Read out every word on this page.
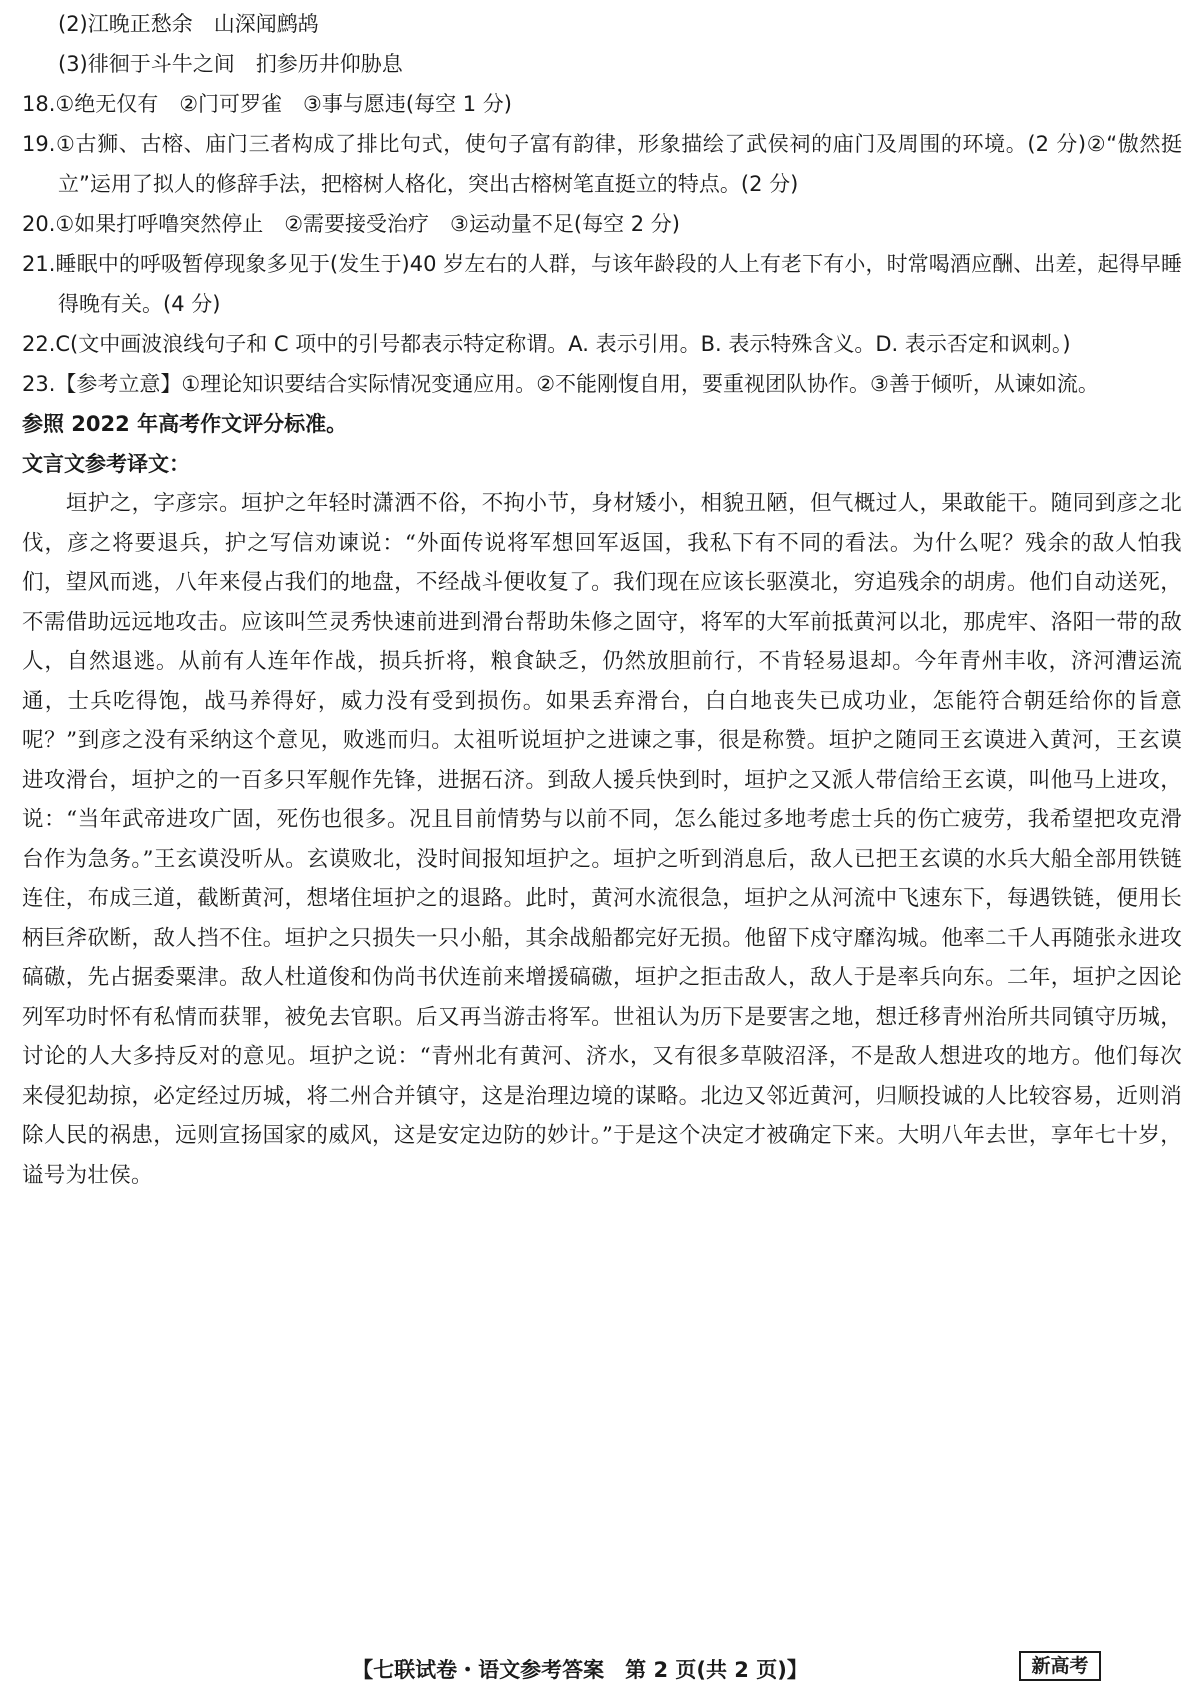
(2)江晚正愁余　山深闻鹧鸪

(3)徘徊于斗牛之间　扪参历井仰胁息

18.①绝无仅有　②门可罗雀　③事与愿违(每空 1 分)

19.①古狮、古榕、庙门三者构成了排比句式，使句子富有韵律，形象描绘了武侯祠的庙门及周围的环境。(2 分)②“傲然挺立”运用了拟人的修辞手法，把榕树人格化，突出古榕树笔直挺立的特点。(2 分)

20.①如果打呼噜突然停止　②需要接受治疗　③运动量不足(每空 2 分)

21.睡眠中的呼吸暂停现象多见于(发生于)40 岁左右的人群，与该年龄段的人上有老下有小，时常喝酒应酬、出差，起得早睡得晚有关。(4 分)

22.C(文中画波浪线句子和 C 项中的引号都表示特定称谓。A. 表示引用。B. 表示特殊含义。D. 表示否定和讽刺。)

23.【参考立意】①理论知识要结合实际情况变通应用。②不能刚愎自用，要重视团队协作。③善于倾听，从谏如流。

参照 2022 年高考作文评分标准。

文言文参考译文：

垣护之，字彦宗。垣护之年轻时潇洒不俗，不拘小节，身材矮小，相貌丑陋，但气概过人，果敢能干。随同到彦之北伐，彦之将要退兵，护之写信劝谏说：“外面传说将军想回军返国，我私下有不同的看法。为什么呢？残余的敌人怕我们，望风而逃，八年来侵占我们的地盘，不经战斗便收复了。我们现在应该长驱漠北，穷追残余的胡虏。他们自动送死，不需借助远远地攻击。应该叫竺灵秀快速前进到滑台帮助朱修之固守，将军的大军前抵黄河以北，那虎牢、洛阳一带的敌人，自然退逃。从前有人连年作战，损兵折将，粮食缺乏，仍然放胆前行，不肯轻易退却。今年青州丰收，济河漕运流通，士兵吃得饱，战马养得好，威力没有受到损伤。如果丢弃滑台，白白地丧失已成功业，怎能符合朝廷给你的旨意呢？”到彦之没有采纳这个意见，败逃而归。太祖听说垣护之进谏之事，很是称赞。垣护之随同王玄谟进入黄河，王玄谟进攻滑台，垣护之的一百多只军舰作先锋，进据石济。到敌人援兵快到时，垣护之又派人带信给王玄谟，叫他马上进攻，说：“当年武帝进攻广固，死伤也很多。况且目前情势与以前不同，怎么能过多地考虑士兵的伤亡疲劳，我希望把攻克滑台作为急务。”王玄谟没听从。玄谟败北，没时间报知垣护之。垣护之听到消息后，敌人已把王玄谟的水兵大船全部用铁链连住，布成三道，截断黄河，想堵住垣护之的退路。此时，黄河水流很急，垣护之从河流中飞速东下，每遇铁链，便用长柄巨斧砍断，敌人挡不住。垣护之只损失一只小船，其余战船都完好无损。他留下戍守靡沟城。他率二千人再随张永进攻碻磝，先占据委粟津。敌人杜道俊和伪尚书伏连前来增援碻磝，垣护之拒击敌人，敌人于是率兵向东。二年，垣护之因论列军功时怀有私情而获罪，被免去官职。后又再当游击将军。世祖认为历下是要害之地，想迁移青州治所共同镇守历城，讨论的人大多持反对的意见。垣护之说：“青州北有黄河、济水，又有很多草陂沼泽，不是敌人想进攻的地方。他们每次来侵犯劫掠，必定经过历城，将二州合并镇守，这是治理边境的谋略。北边又邻近黄河，归顺投诚的人比较容易，近则消除人民的祸患，远则宣扬国家的威风，这是安定边防的妙计。”于是这个决定才被确定下来。大明八年去世，享年七十岁，谥号为壮侯。

【七联试卷・语文参考答案　第 2 页(共 2 页)】	新高考
